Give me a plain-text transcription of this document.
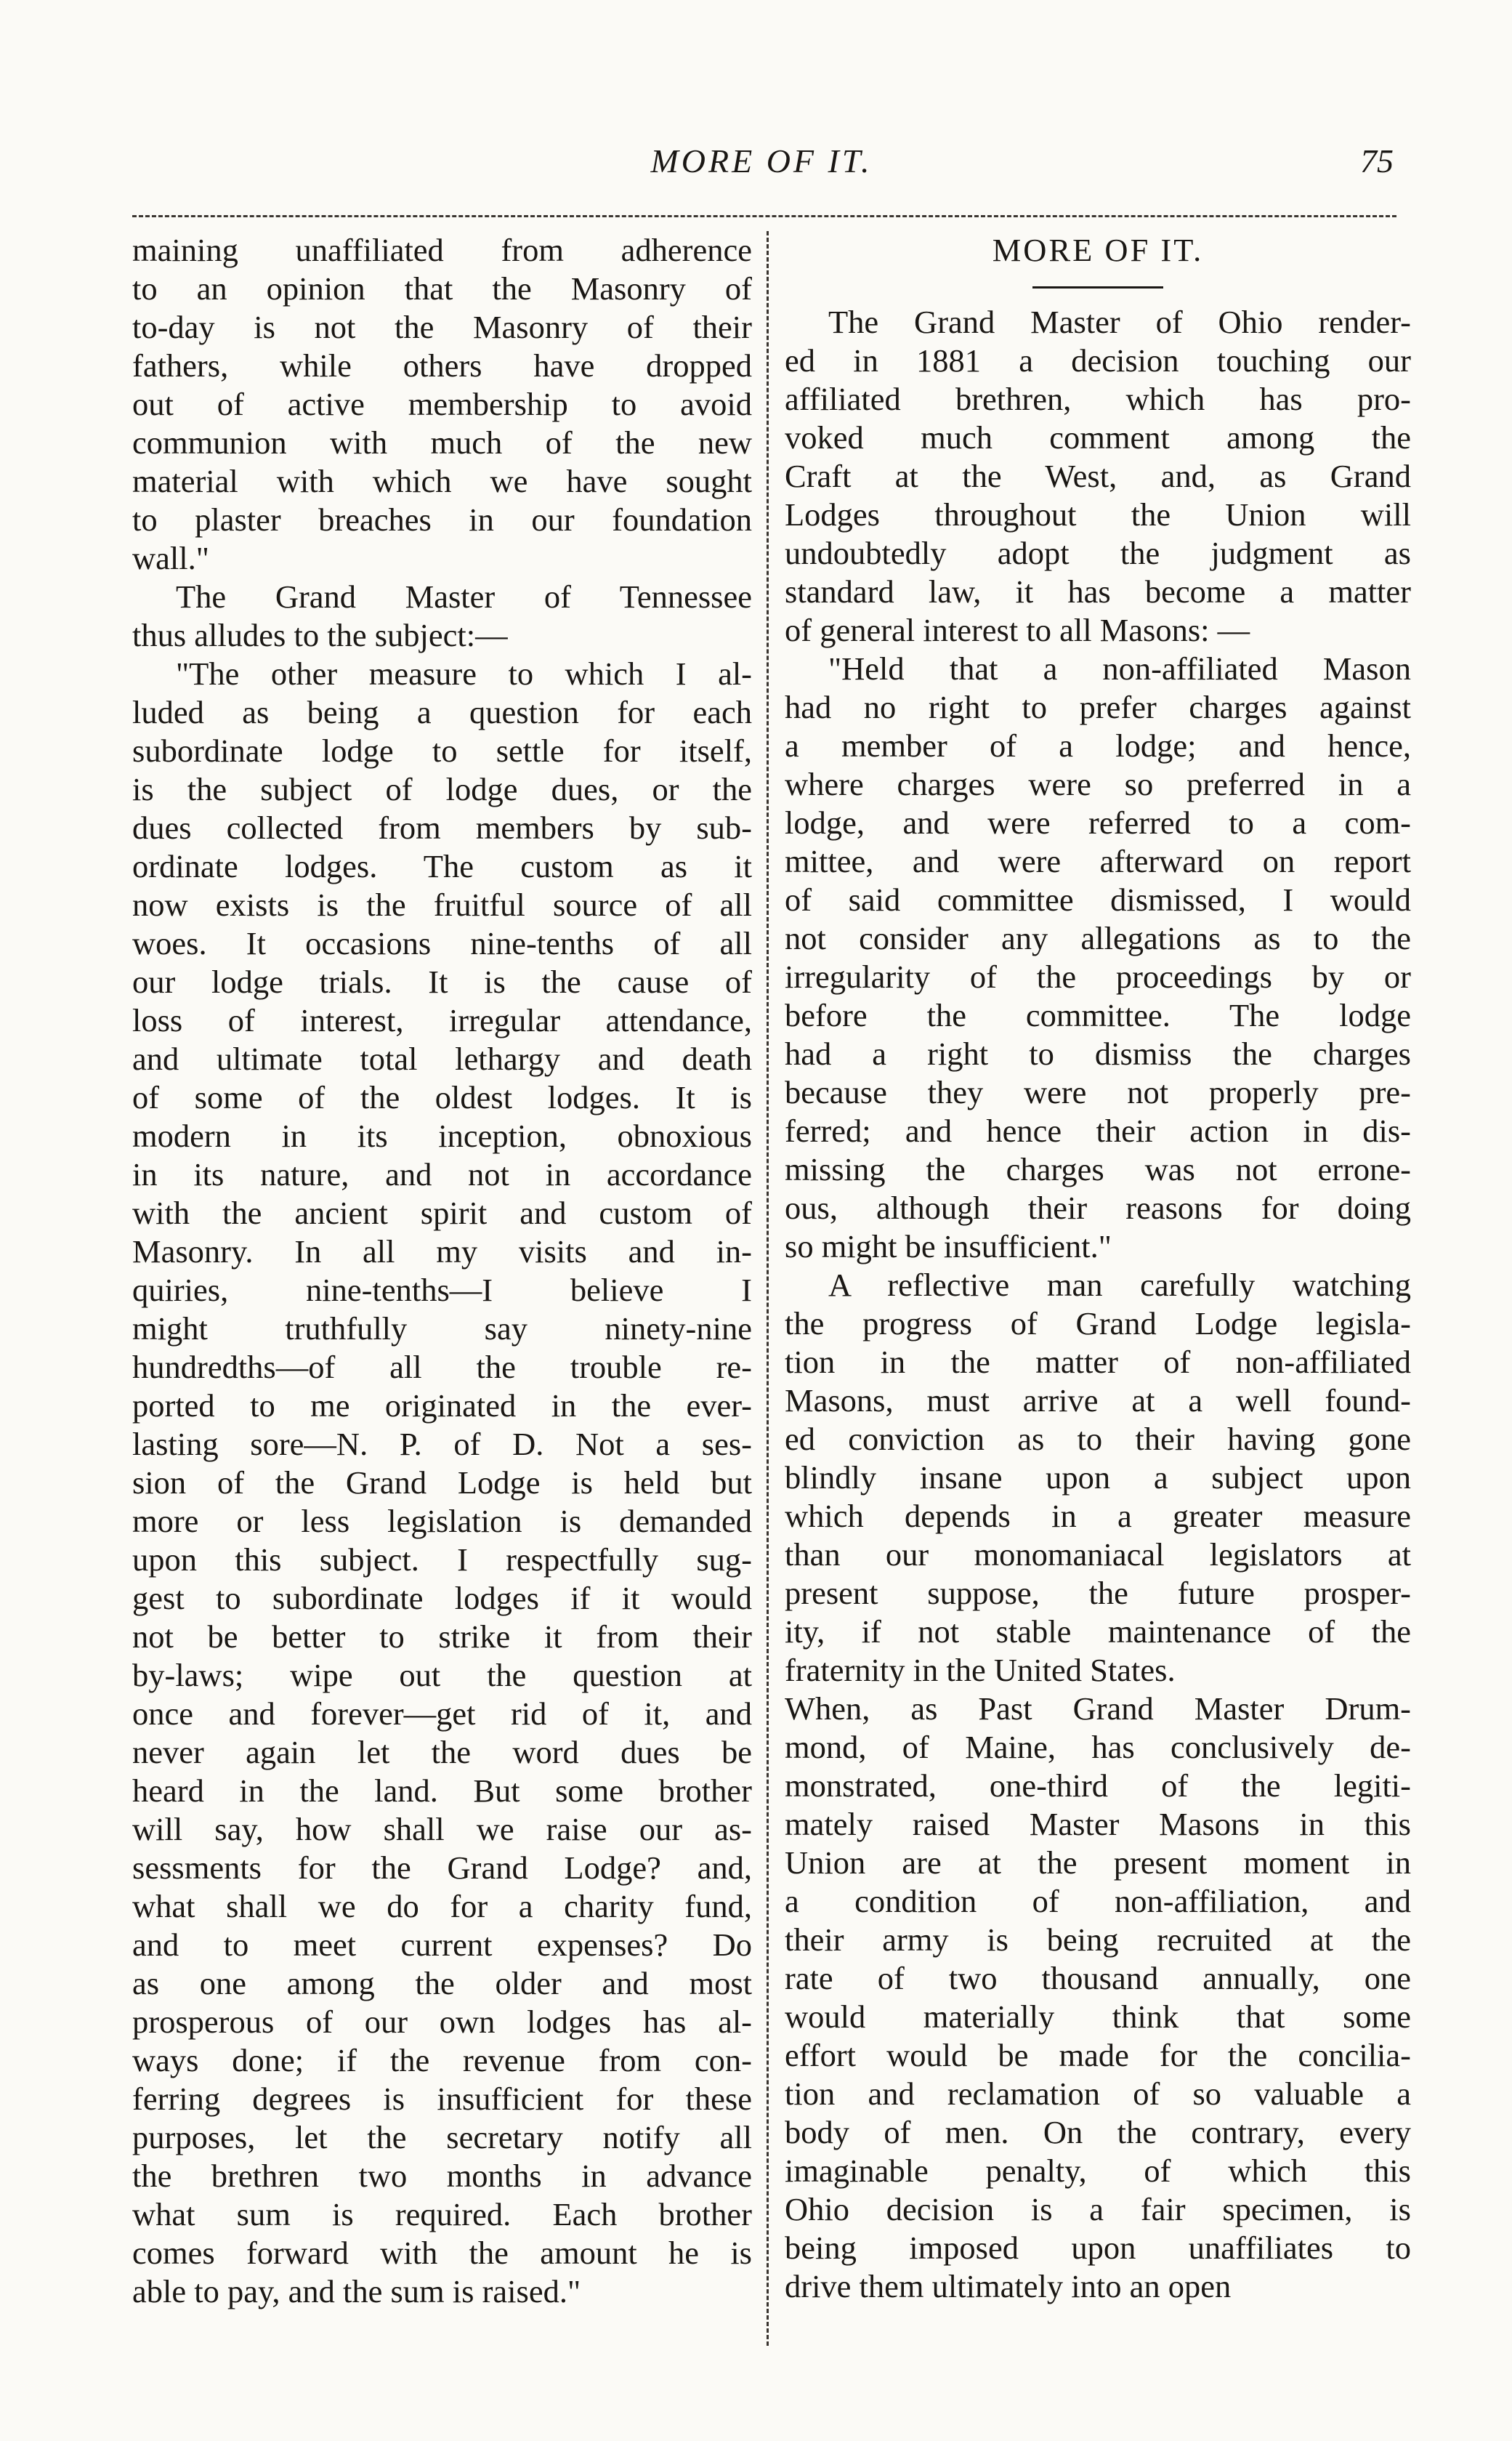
MORE OF IT.	75
maining unaffiliated from adherence
to an opinion that the Masonry of
to-day is not the Masonry of their
fathers, while others have dropped
out of active membership to avoid
communion with much of the new
material with which we have sought
to plaster breaches in our foundation
wall."
The Grand Master of Tennessee
thus alludes to the subject:—
"The other measure to which I al-
luded as being a question for each
subordinate lodge to settle for itself,
is the subject of lodge dues, or the
dues collected from members by sub-
ordinate lodges. The custom as it
now exists is the fruitful source of all
woes. It occasions nine-tenths of all
our lodge trials. It is the cause of
loss of interest, irregular attendance,
and ultimate total lethargy and death
of some of the oldest lodges. It is
modern in its inception, obnoxious
in its nature, and not in accordance
with the ancient spirit and custom of
Masonry. In all my visits and in-
quiries, nine-tenths—I believe I
might truthfully say ninety-nine
hundredths—of all the trouble re-
ported to me originated in the ever-
lasting sore—N. P. of D. Not a ses-
sion of the Grand Lodge is held but
more or less legislation is demanded
upon this subject. I respectfully sug-
gest to subordinate lodges if it would
not be better to strike it from their
by-laws; wipe out the question at
once and forever—get rid of it, and
never again let the word dues be
heard in the land. But some brother
will say, how shall we raise our as-
sessments for the Grand Lodge? and,
what shall we do for a charity fund,
and to meet current expenses? Do
as one among the older and most
prosperous of our own lodges has al-
ways done; if the revenue from con-
ferring degrees is insufficient for these
purposes, let the secretary notify all
the brethren two months in advance
what sum is required. Each brother
comes forward with the amount he is
able to pay, and the sum is raised."
MORE OF IT.
The Grand Master of Ohio render-
ed in 1881 a decision touching our
affiliated brethren, which has pro-
voked much comment among the
Craft at the West, and, as Grand
Lodges throughout the Union will
undoubtedly adopt the judgment as
standard law, it has become a matter
of general interest to all Masons: —
"Held that a non-affiliated Mason
had no right to prefer charges against
a member of a lodge; and hence,
where charges were so preferred in a
lodge, and were referred to a com-
mittee, and were afterward on report
of said committee dismissed, I would
not consider any allegations as to the
irregularity of the proceedings by or
before the committee. The lodge
had a right to dismiss the charges
because they were not properly pre-
ferred; and hence their action in dis-
missing the charges was not errone-
ous, although their reasons for doing
so might be insufficient."
A reflective man carefully watching
the progress of Grand Lodge legisla-
tion in the matter of non-affiliated
Masons, must arrive at a well found-
ed conviction as to their having gone
blindly insane upon a subject upon
which depends in a greater measure
than our monomaniacal legislators at
present suppose, the future prosper-
ity, if not stable maintenance of the
fraternity in the United States.
When, as Past Grand Master Drum-
mond, of Maine, has conclusively de-
monstrated, one-third of the legiti-
mately raised Master Masons in this
Union are at the present moment in
a condition of non-affiliation, and
their army is being recruited at the
rate of two thousand annually, one
would materially think that some
effort would be made for the concilia-
tion and reclamation of so valuable a
body of men. On the contrary, every
imaginable penalty, of which this
Ohio decision is a fair specimen, is
being imposed upon unaffiliates to
drive them ultimately into an open
